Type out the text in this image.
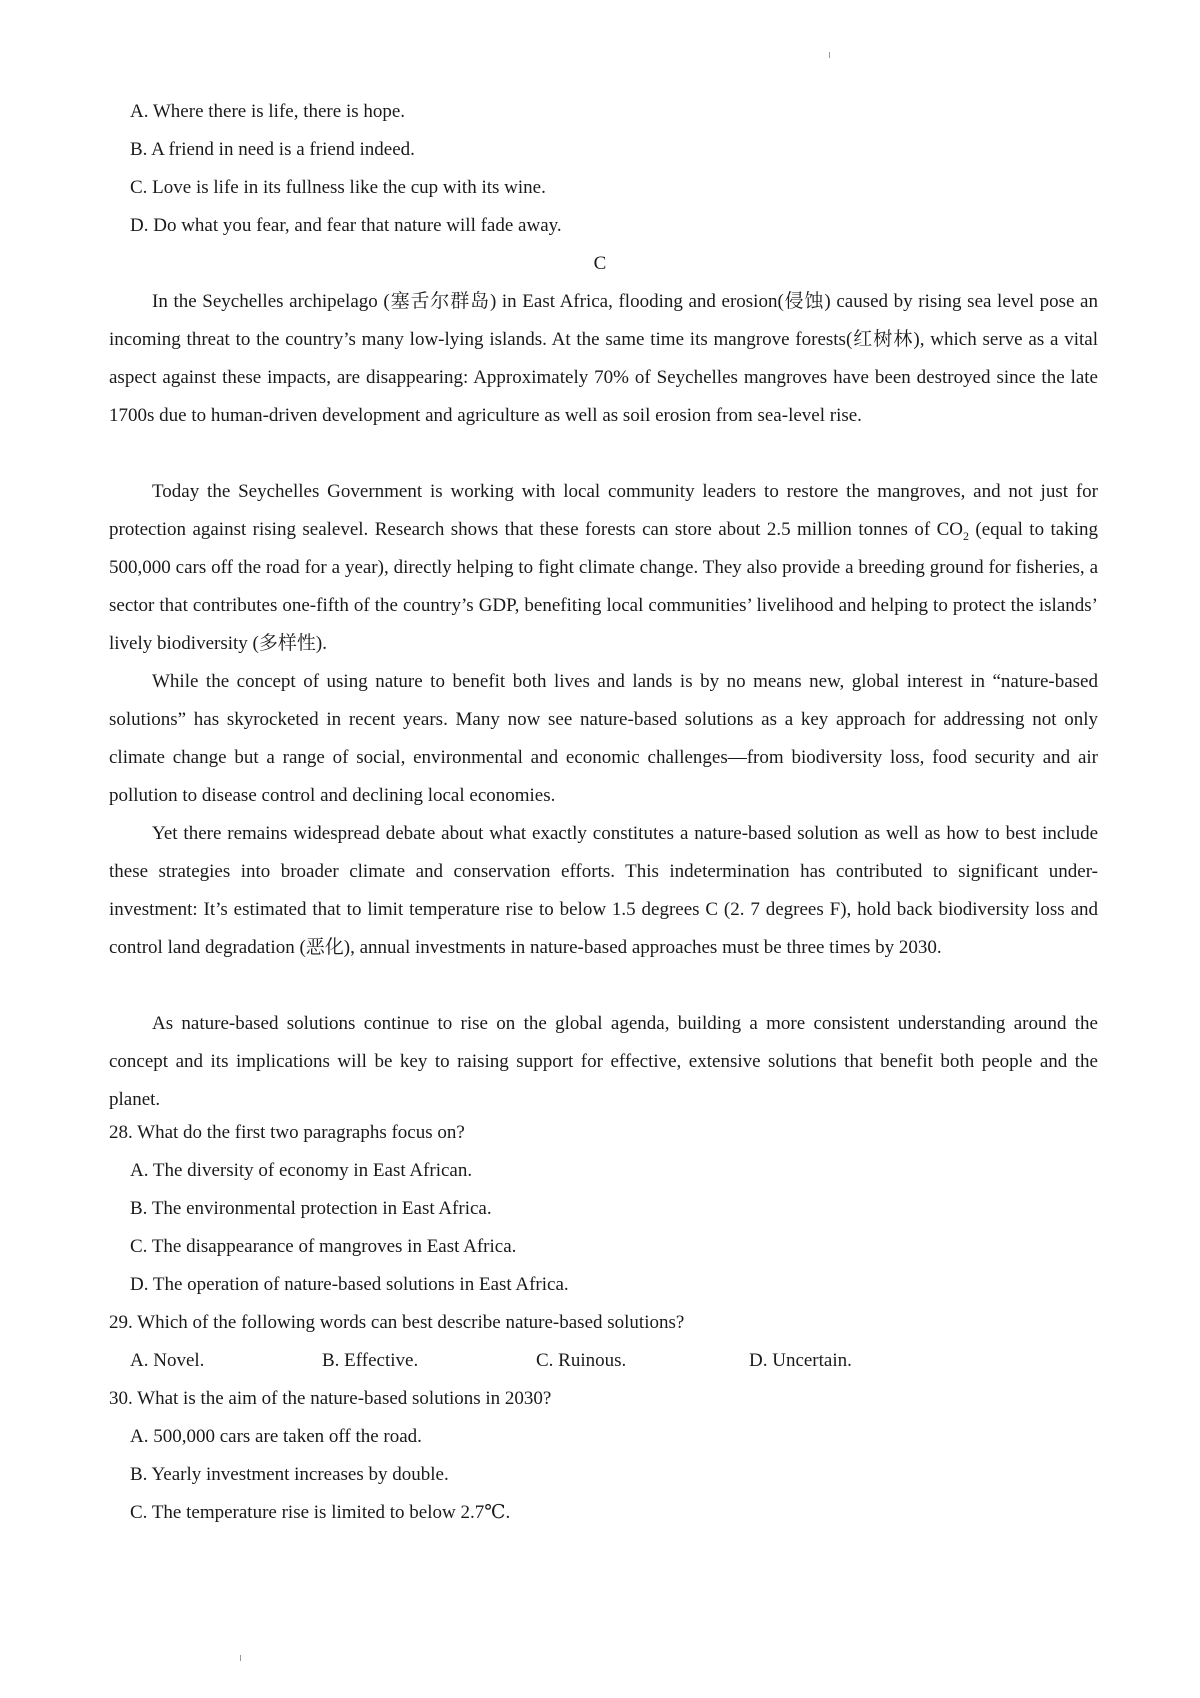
A. Where there is life, there is hope.
B. A friend in need is a friend indeed.
C. Love is life in its fullness like the cup with its wine.
D. Do what you fear, and fear that nature will fade away.
C
In the Seychelles archipelago (塞舌尔群岛) in East Africa, flooding and erosion(侵蚀) caused by rising sea level pose an incoming threat to the country’s many low-lying islands. At the same time its mangrove forests(红树林), which serve as a vital aspect against these impacts, are disappearing: Approximately 70% of Seychelles mangroves have been destroyed since the late 1700s due to human-driven development and agriculture as well as soil erosion from sea-level rise.
Today the Seychelles Government is working with local community leaders to restore the mangroves, and not just for protection against rising sealevel. Research shows that these forests can store about 2.5 million tonnes of $CO_2$ (equal to taking 500,000 cars off the road for a year), directly helping to fight climate change. They also provide a breeding ground for fisheries, a sector that contributes one-fifth of the country’s GDP, benefiting local communities’ livelihood and helping to protect the islands’ lively biodiversity (多样性).
While the concept of using nature to benefit both lives and lands is by no means new, global interest in “nature-based solutions” has skyrocketed in recent years. Many now see nature-based solutions as a key approach for addressing not only climate change but a range of social, environmental and economic challenges—from biodiversity loss, food security and air pollution to disease control and declining local economies.
Yet there remains widespread debate about what exactly constitutes a nature-based solution as well as how to best include these strategies into broader climate and conservation efforts. This indetermination has contributed to significant under-investment: It’s estimated that to limit temperature rise to below 1.5 degrees C (2. 7 degrees F), hold back biodiversity loss and control land degradation (恶化), annual investments in nature-based approaches must be three times by 2030.
As nature-based solutions continue to rise on the global agenda, building a more consistent understanding around the concept and its implications will be key to raising support for effective, extensive solutions that benefit both people and the planet.
28. What do the first two paragraphs focus on?
A. The diversity of economy in East African.
B. The environmental protection in East Africa.
C. The disappearance of mangroves in East Africa.
D. The operation of nature-based solutions in East Africa.
29. Which of the following words can best describe nature-based solutions?
A. Novel.	B. Effective.	C. Ruinous.	D. Uncertain.
30. What is the aim of the nature-based solutions in 2030?
A. 500,000 cars are taken off the road.
B. Yearly investment increases by double.
C. The temperature rise is limited to below 2.7℃.
